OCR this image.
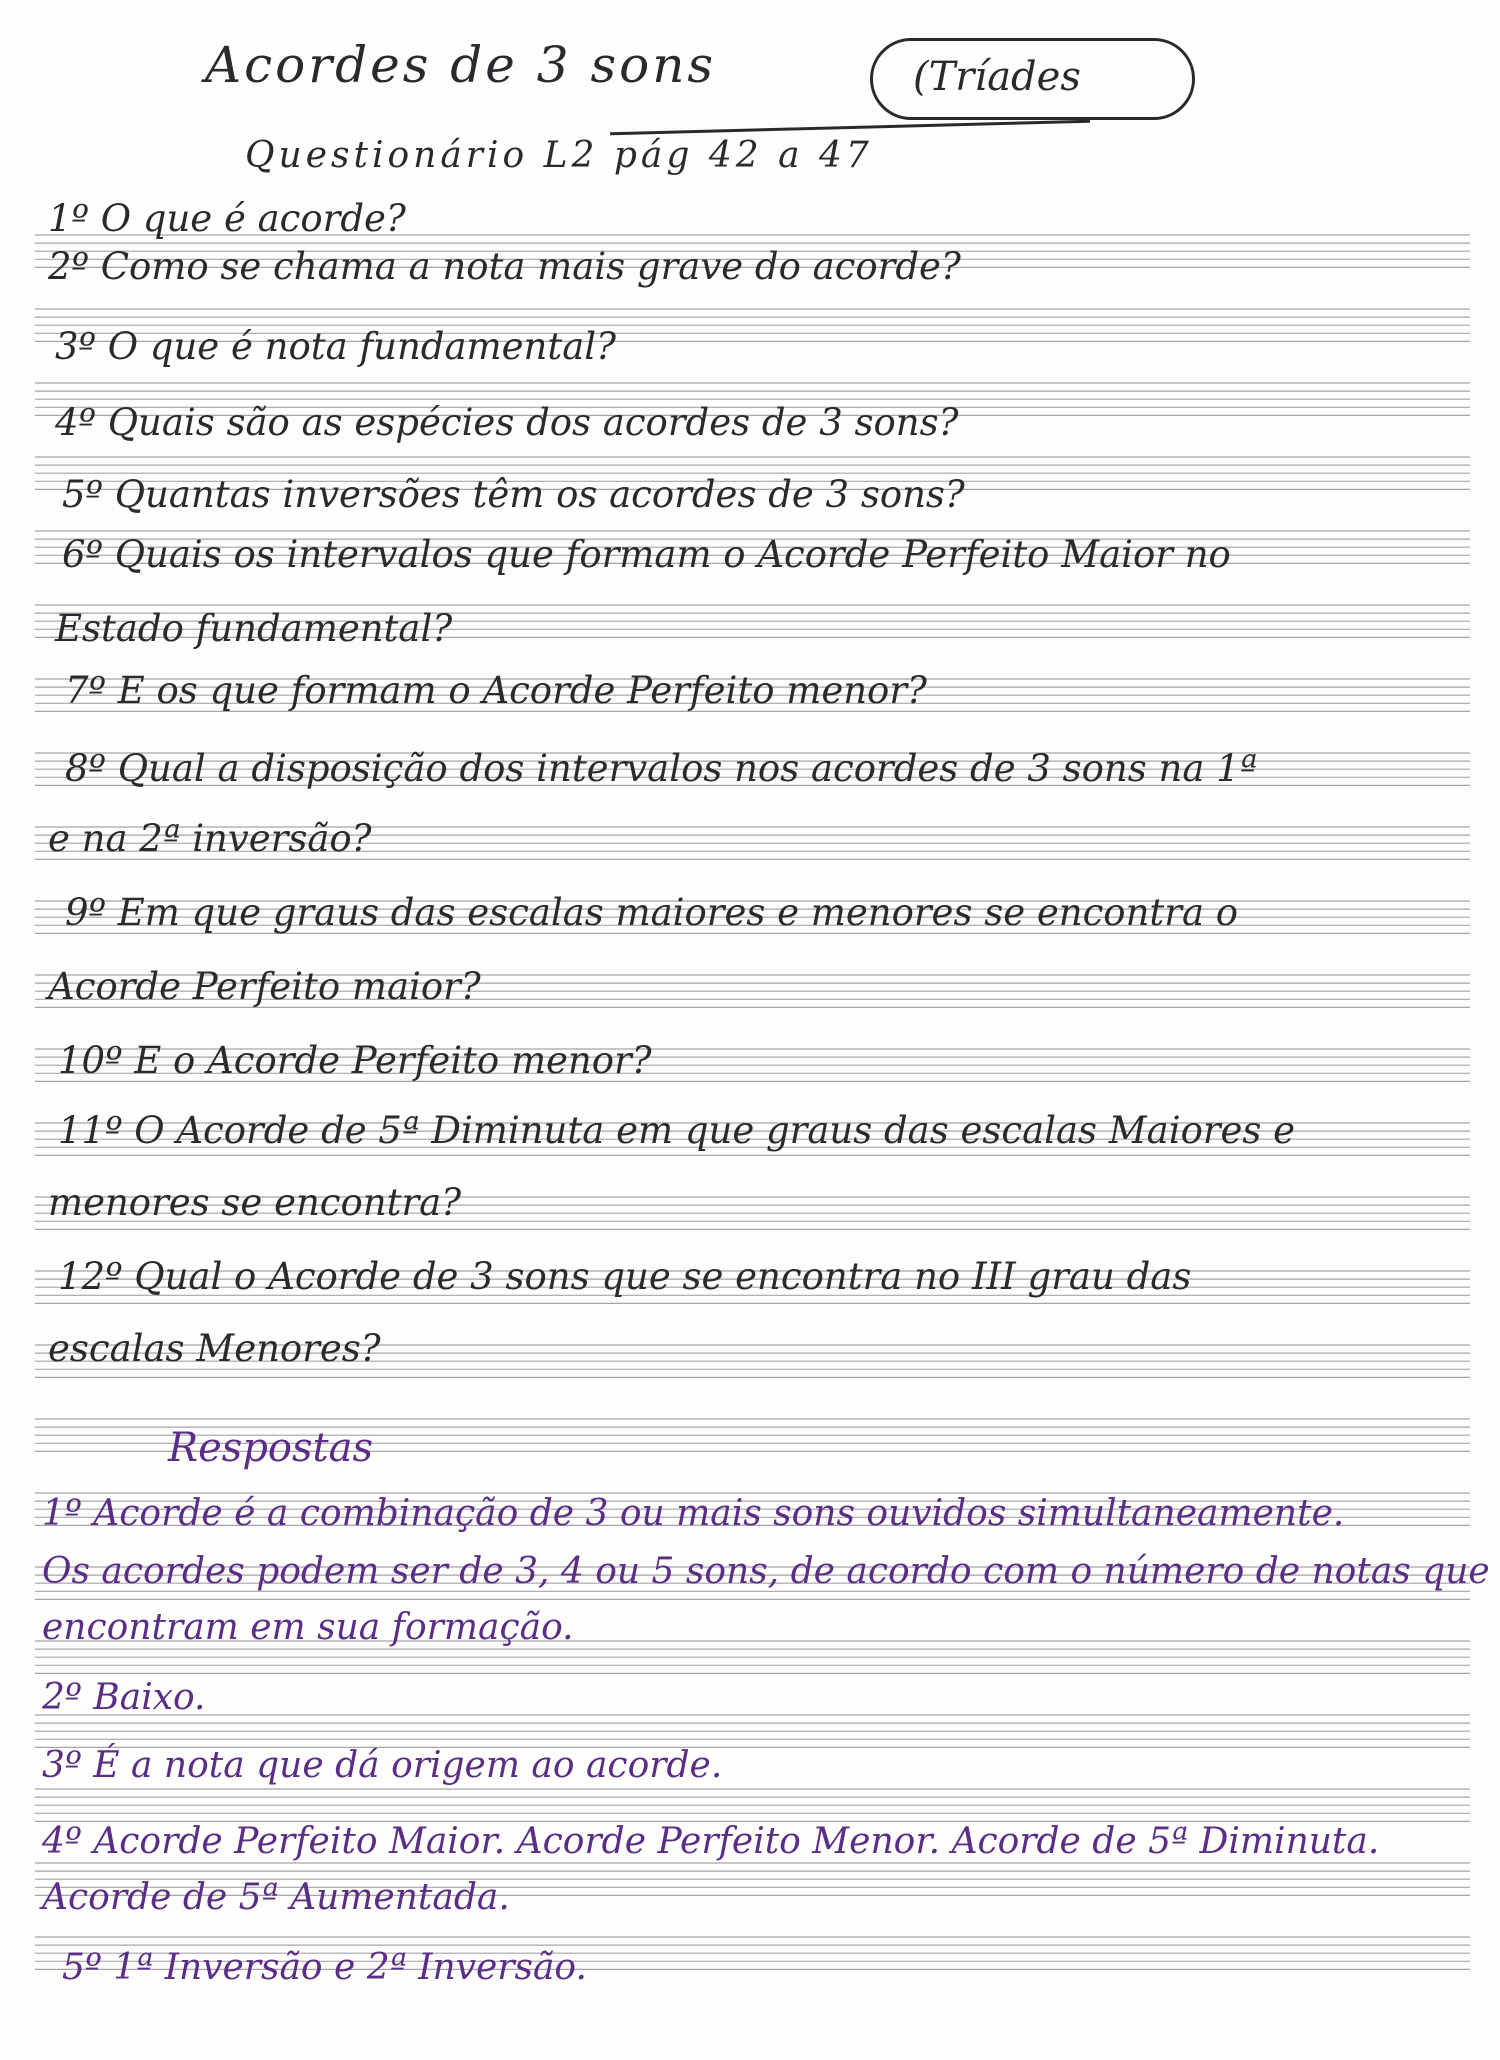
Acordes de 3 sons	(Tríades
Questionário L2 pág 42 a 47
1º O que é acorde?
2º Como se chama a nota mais grave do acorde?
3º O que é nota fundamental?
4º Quais são as espécies dos acordes de 3 sons?
5º Quantas inversões têm os acordes de 3 sons?
6º Quais os intervalos que formam o Acorde Perfeito Maior no
Estado fundamental?
7º E os que formam o Acorde Perfeito menor?
8º Qual a disposição dos intervalos nos acordes de 3 sons na 1ª
e na 2ª inversão?
9º Em que graus das escalas maiores e menores se encontra o
Acorde Perfeito maior?
10º E o Acorde Perfeito menor?
11º O Acorde de 5ª Diminuta em que graus das escalas Maiores e
menores se encontra?
12º Qual o Acorde de 3 sons que se encontra no III grau das
escalas Menores?
Respostas
1º Acorde é a combinação de 3 ou mais sons ouvidos simultaneamente.
Os acordes podem ser de 3, 4 ou 5 sons, de acordo com o número de notas que
encontram em sua formação.
2º Baixo.
3º É a nota que dá origem ao acorde.
4º Acorde Perfeito Maior. Acorde Perfeito Menor. Acorde de 5ª Diminuta.
Acorde de 5ª Aumentada.
5º 1ª Inversão e 2ª Inversão.
